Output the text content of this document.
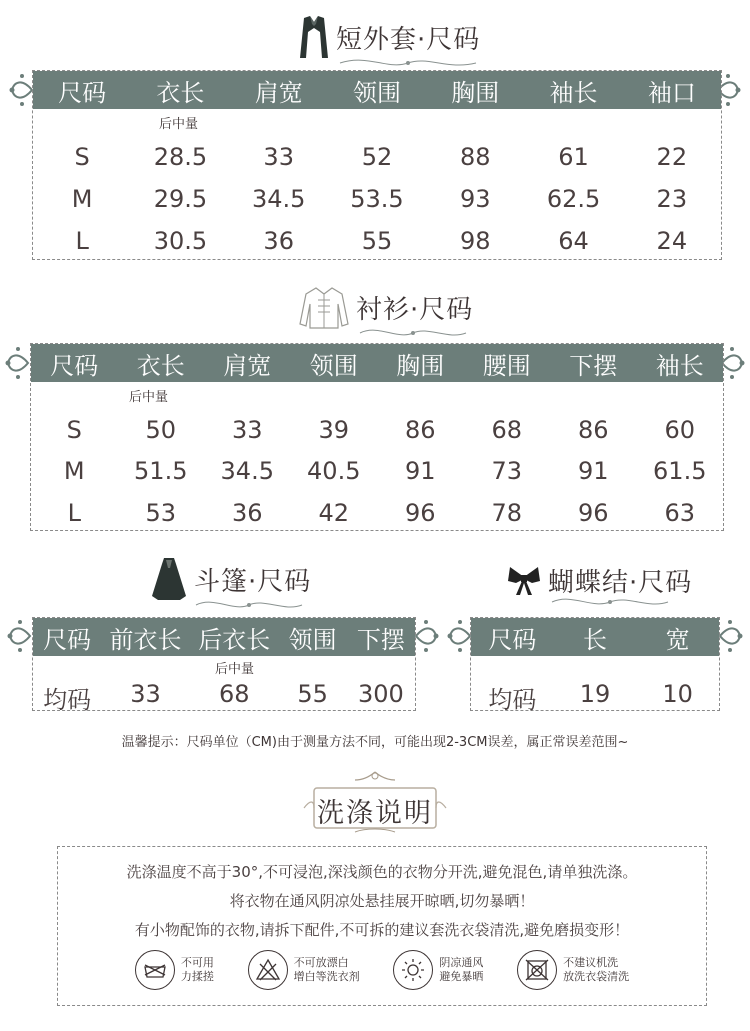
短外套·尺码
尺码	衣长	肩宽	领围	胸围	袖长	袖口
后中量
S	28.5	33	52	88	61	22
M	29.5	34.5	53.5	93	62.5	23
L	30.5	36	55	98	64	24
衬衫·尺码
尺码	衣长	肩宽	领围	胸围	腰围	下摆	袖长
后中量
S	50	33	39	86	68	86	60
M	51.5	34.5	40.5	91	73	91	61.5
L	53	36	42	96	78	96	63
斗篷·尺码
尺码 前衣长 后衣长 领围 下摆
后中量
均码	33	68	55	300
蝴蝶结·尺码
尺码	长	宽
均码	19	10
温馨提示：尺码单位（CM)由于测量方法不同，可能出现2-3CM误差，属正常误差范围~
洗涤说明
洗涤温度不高于30°,不可浸泡,深浅颜色的衣物分开洗,避免混色,请单独洗涤。
将衣物在通风阴凉处悬挂展开晾晒,切勿暴晒！
有小物配饰的衣物,请拆下配件,不可拆的建议套洗衣袋清洗,避免磨损变形！
不可用
力揉搓
不可放漂白
增白等洗衣剂
阴凉通风
避免暴晒
不建议机洗
放洗衣袋清洗
